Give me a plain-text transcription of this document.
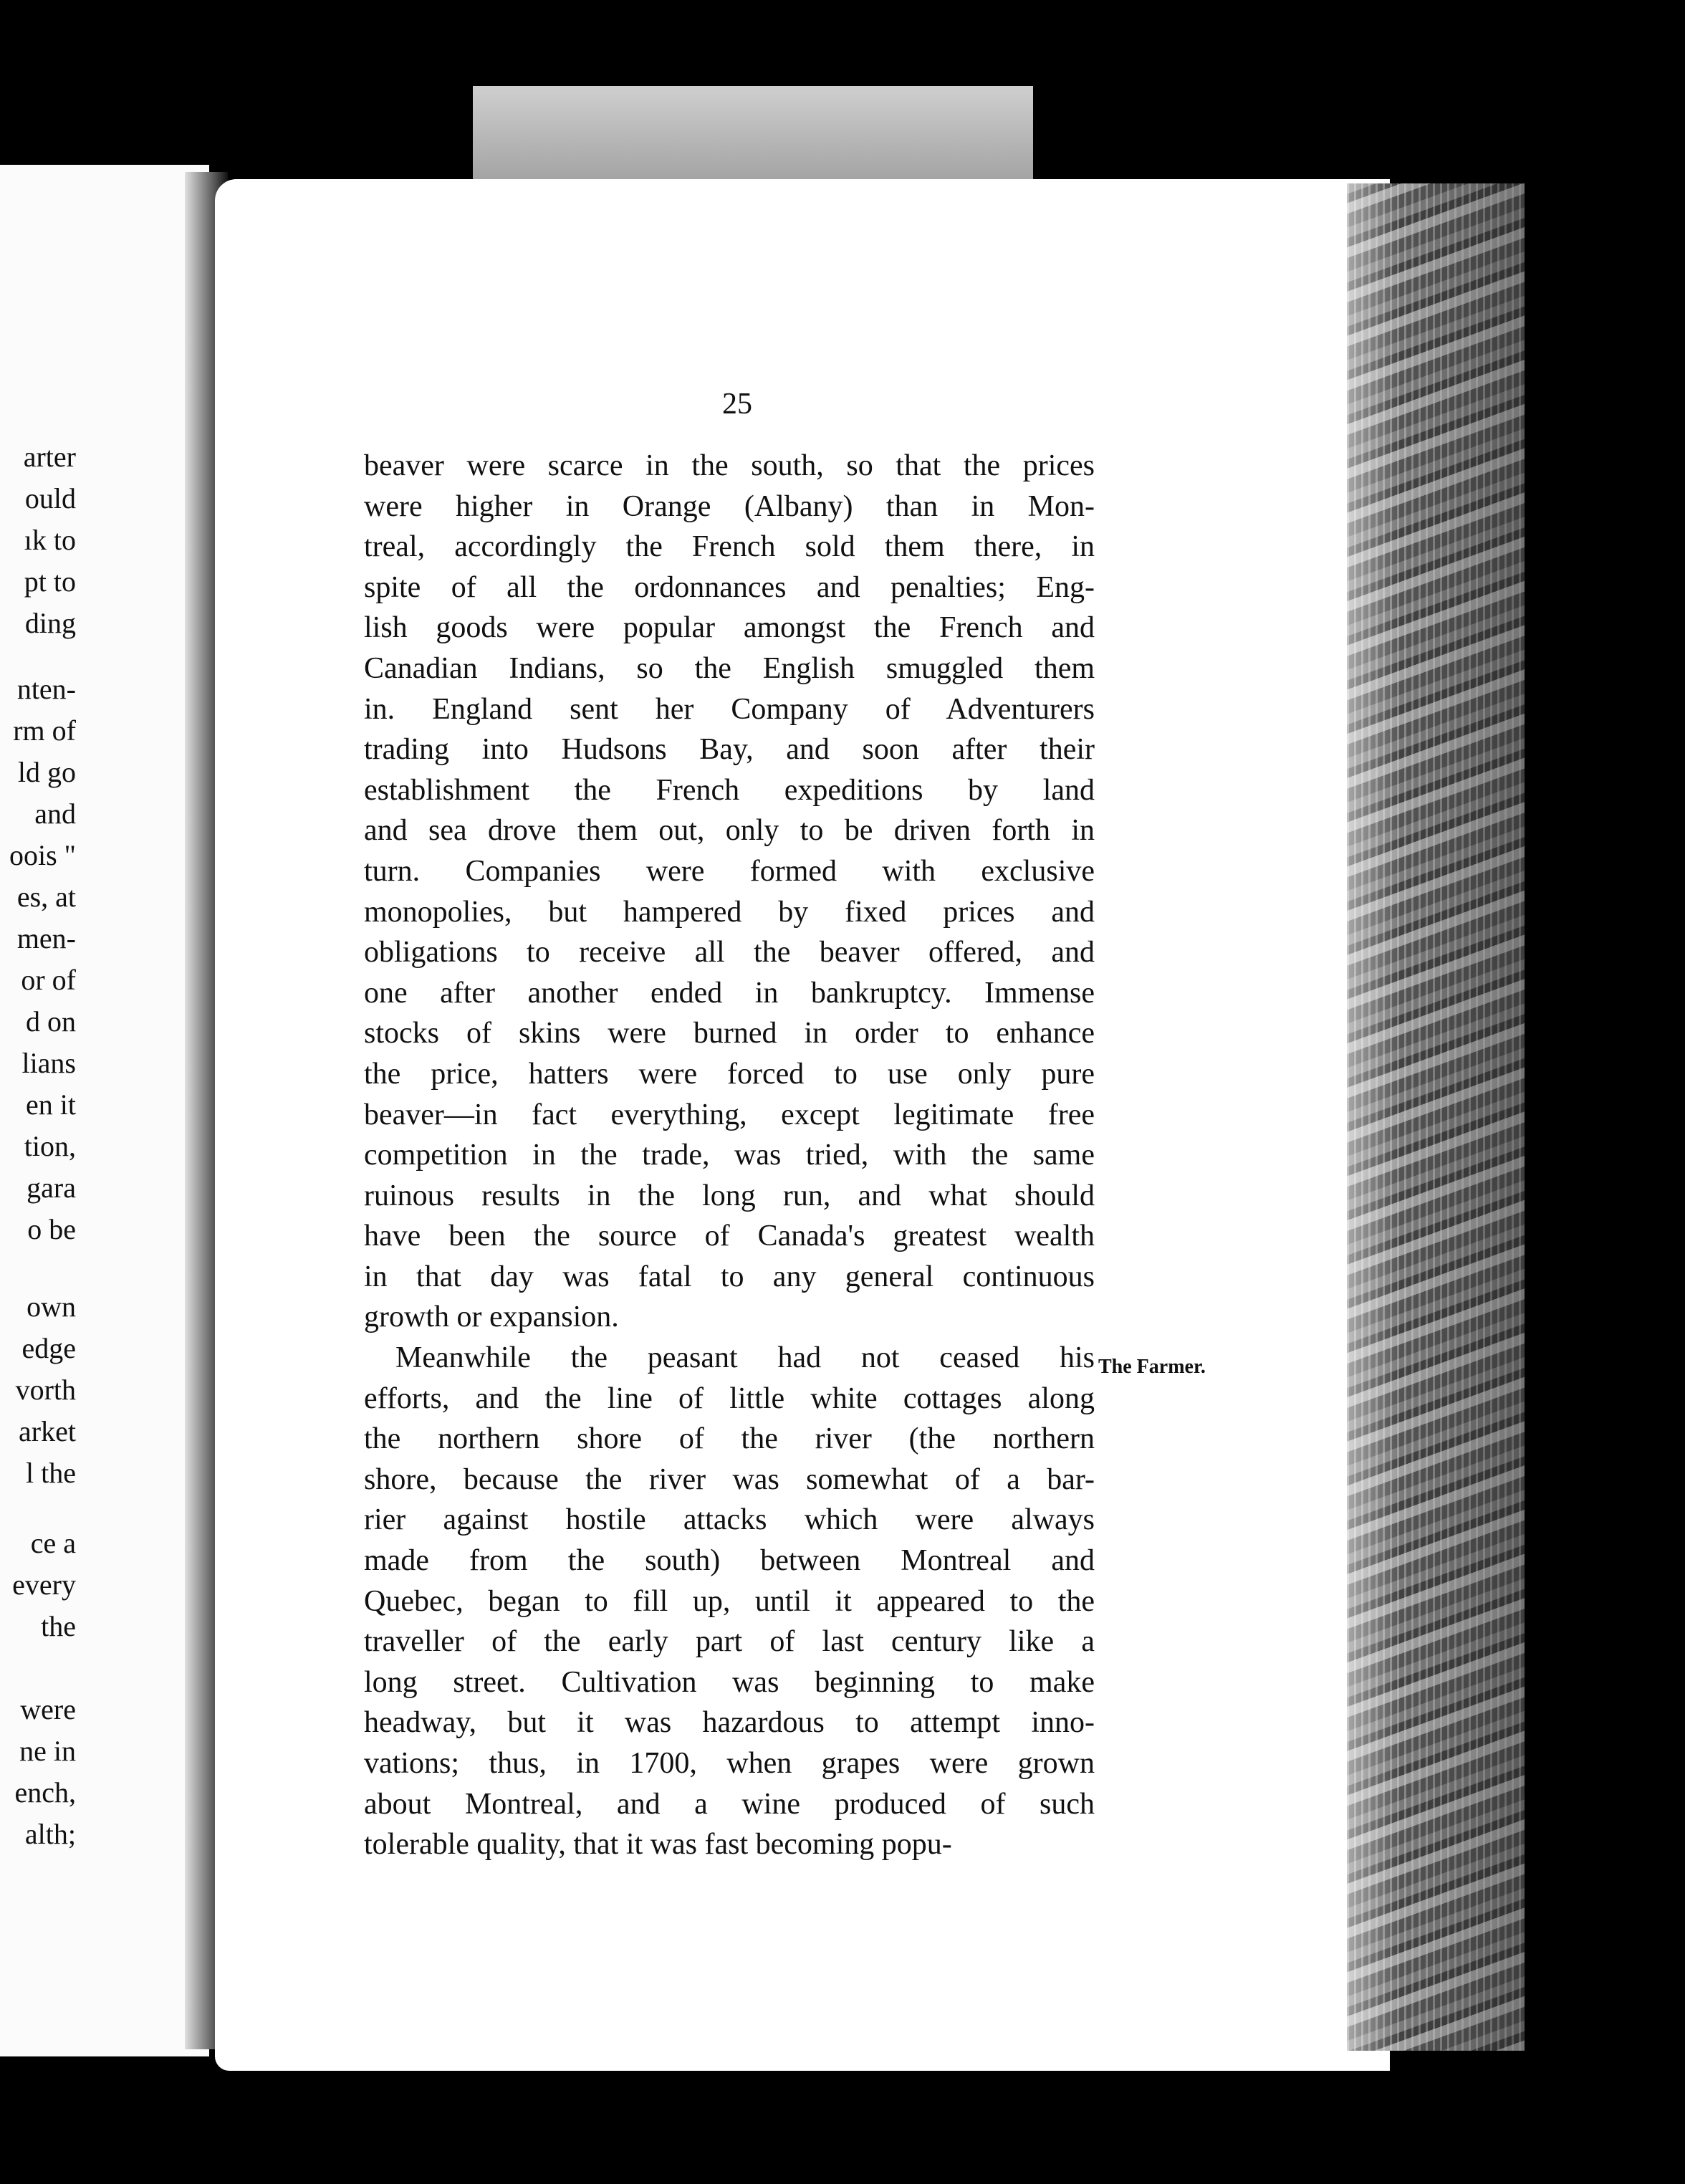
arter
ould
ık to
pt to
ding
nten-
rm of
ld go
and
oois "
es, at
men-
or of
d on
lians
en it
tion,
gara
o be
own
edge
vorth
arket
l the
ce a
every
the
were
ne in
ench,
alth;
25
beaver were scarce in the south, so that the prices
were higher in Orange (Albany) than in Mon-
treal, accordingly the French sold them there, in
spite of all the ordonnances and penalties; Eng-
lish goods were popular amongst the French and
Canadian Indians, so the English smuggled them
in. England sent her Company of Adventurers
trading into Hudsons Bay, and soon after their
establishment the French expeditions by land
and sea drove them out, only to be driven forth in
turn. Companies were formed with exclusive
monopolies, but hampered by fixed prices and
obligations to receive all the beaver offered, and
one after another ended in bankruptcy. Immense
stocks of skins were burned in order to enhance
the price, hatters were forced to use only pure
beaver—in fact everything, except legitimate free
competition in the trade, was tried, with the same
ruinous results in the long run, and what should
have been the source of Canada's greatest wealth
in that day was fatal to any general continuous
growth or expansion.
Meanwhile the peasant had not ceased his
efforts, and the line of little white cottages along
the northern shore of the river (the northern
shore, because the river was somewhat of a bar-
rier against hostile attacks which were always
made from the south) between Montreal and
Quebec, began to fill up, until it appeared to the
traveller of the early part of last century like a
long street. Cultivation was beginning to make
headway, but it was hazardous to attempt inno-
vations; thus, in 1700, when grapes were grown
about Montreal, and a wine produced of such
tolerable quality, that it was fast becoming popu-
The Farmer.
